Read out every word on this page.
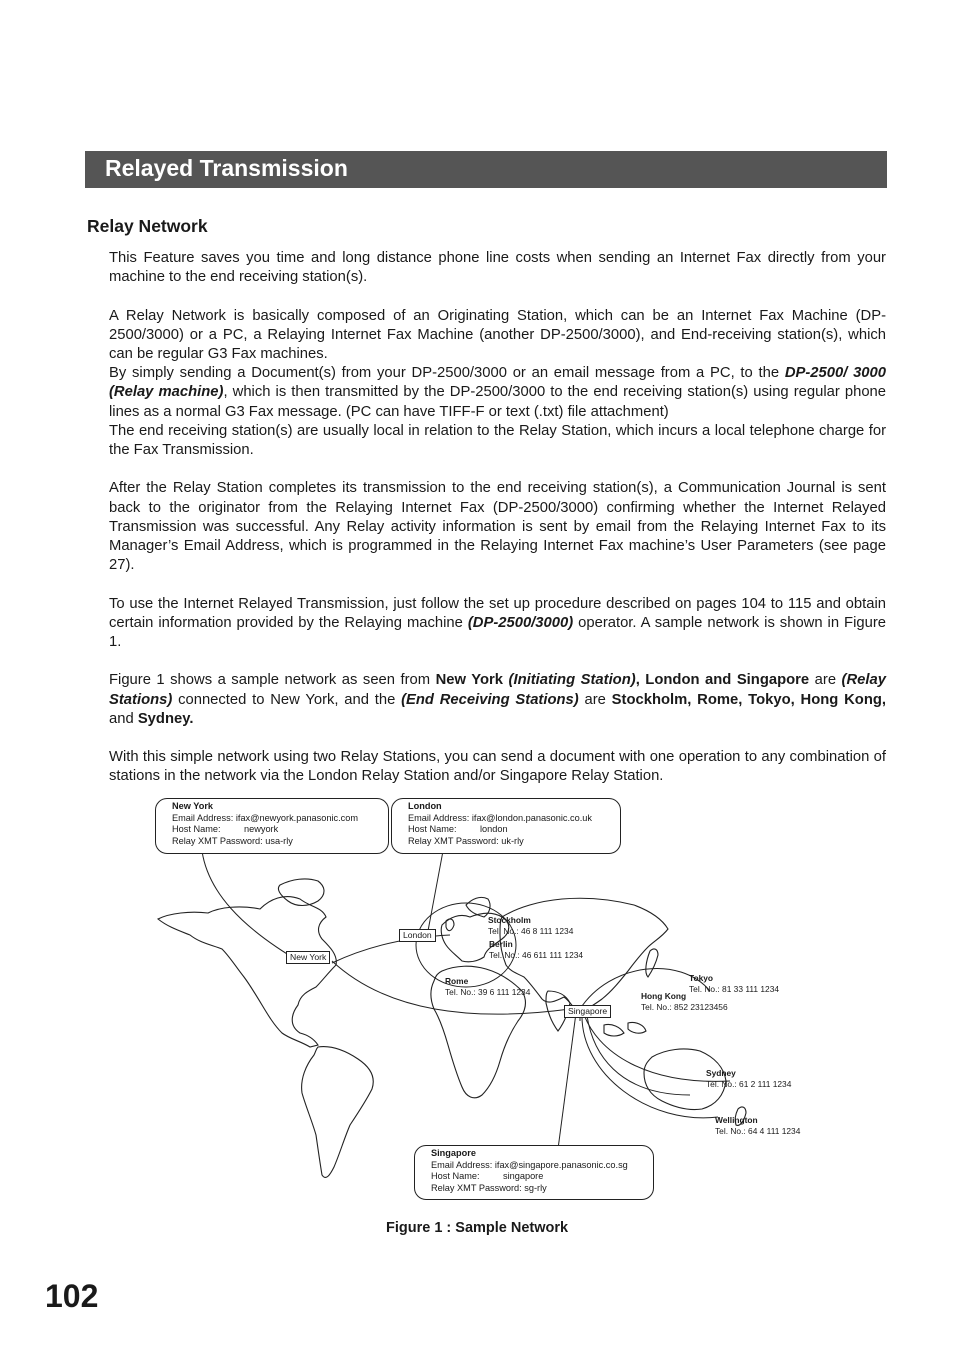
Relayed Transmission
Relay Network

This Feature saves you time and long distance phone line costs when sending an Internet Fax directly from your machine to the end receiving station(s).

A Relay Network is basically composed of an Originating Station, which can be an Internet Fax Machine (DP-2500/3000) or a PC, a Relaying Internet Fax Machine (another DP-2500/3000), and End-receiving station(s), which can be regular G3 Fax machines.

By simply sending a Document(s) from your DP-2500/3000 or an email message from a PC, to the DP-2500/ 3000 (Relay machine), which is then transmitted by the DP-2500/3000 to the end receiving station(s) using regular phone lines as a normal G3 Fax message. (PC can have TIFF-F or text (.txt) file attachment)

The end receiving station(s) are usually local in relation to the Relay Station, which incurs a local telephone charge for the Fax Transmission.

After the Relay Station completes its transmission to the end receiving station(s), a Communication Journal is sent back to the originator from the Relaying Internet Fax (DP-2500/3000) confirming whether the Internet Relayed Transmission was successful. Any Relay activity information is sent by email from the Relaying Internet Fax to its Manager’s Email Address, which is programmed in the Relaying Internet Fax machine’s User Parameters (see page 27).

To use the Internet Relayed Transmission, just follow the set up procedure described on pages 104 to 115 and obtain certain information provided by the Relaying machine (DP-2500/3000) operator. A sample network is shown in Figure 1.

Figure 1 shows a sample network as seen from New York (Initiating Station), London and Singapore are (Relay Stations) connected to New York, and the (End Receiving Stations) are Stockholm, Rome, Tokyo, Hong Kong, and Sydney.

With this simple network using two Relay Stations, you can send a document with one operation to any combination of stations in the network via the London Relay Station and/or Singapore Relay Station.

New York
Email Address: ifax@newyork.panasonic.com
Host Name:	newyork
Relay XMT Password: usa-rly
London
Email Address: ifax@london.panasonic.co.uk
Host Name:	london
Relay XMT Password: uk-rly
Singapore
Email Address: ifax@singapore.panasonic.co.sg
Host Name:	singapore
Relay XMT Password: sg-rly
New York
London
Singapore
Stockholm
Tel. No.: 46 8 111 1234
Berlin
Tel. No.: 46 611 111 1234
Rome
Tel. No.: 39 6 111 1234
Tokyo
Tel. No.: 81 33 111 1234
Hong Kong
Tel. No.: 852 23123456
Sydney
Tel. No.: 61 2 111 1234
Wellington
Tel. No.: 64 4 111 1234
Figure 1 : Sample Network
102
